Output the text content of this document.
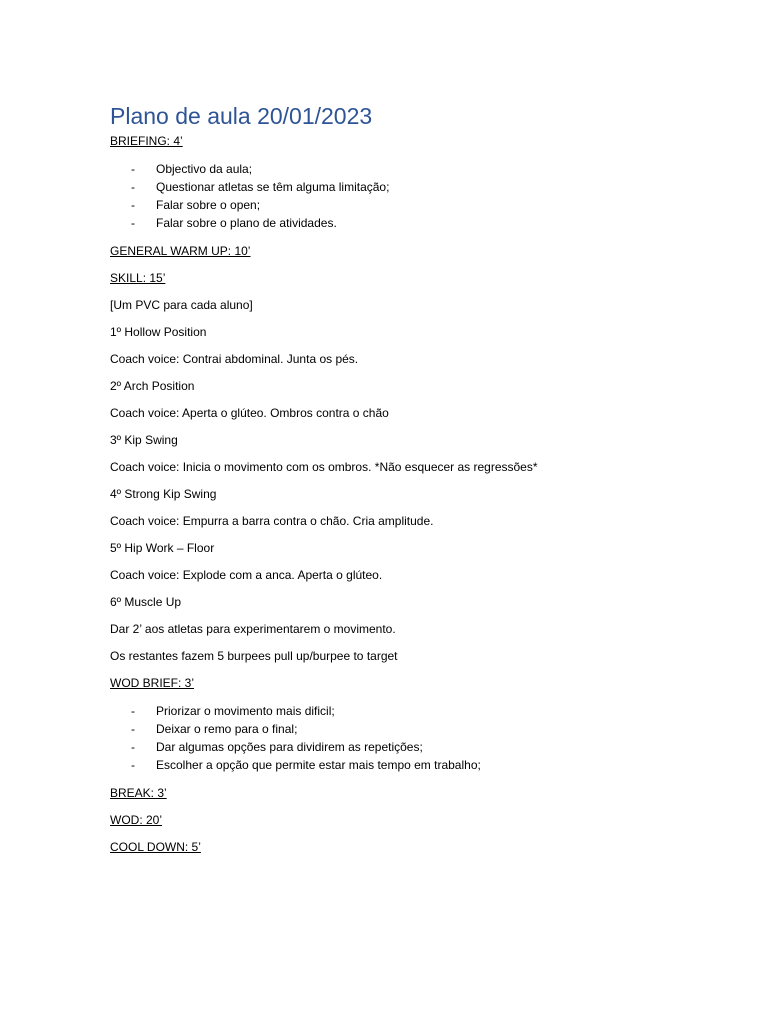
Plano de aula 20/01/2023

BRIEFING: 4’

- Objectivo da aula;
- Questionar atletas se têm alguma limitação;
- Falar sobre o open;
- Falar sobre o plano de atividades.

GENERAL WARM UP: 10’

SKILL: 15’

[Um PVC para cada aluno]

1º Hollow Position

Coach voice: Contrai abdominal. Junta os pés.

2º Arch Position

Coach voice: Aperta o glúteo. Ombros contra o chão

3º Kip Swing

Coach voice: Inicia o movimento com os ombros. *Não esquecer as regressões*

4º Strong Kip Swing

Coach voice: Empurra a barra contra o chão. Cria amplitude.

5º Hip Work – Floor

Coach voice: Explode com a anca. Aperta o glúteo.

6º Muscle Up

Dar 2’ aos atletas para experimentarem o movimento.

Os restantes fazem 5 burpees pull up/burpee to target

WOD BRIEF: 3’

- Priorizar o movimento mais dificil;
- Deixar o remo para o final;
- Dar algumas opções para dividirem as repetições;
- Escolher a opção que permite estar mais tempo em trabalho;

BREAK: 3’

WOD: 20’

COOL DOWN: 5’
